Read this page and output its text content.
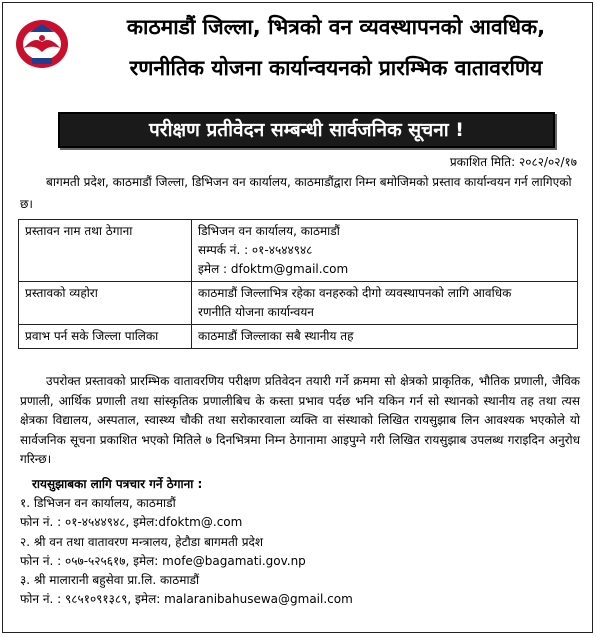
काठमाडौं जिल्ला, भित्रको वन व्यवस्थापनको आवधिक,
रणनीतिक योजना कार्यान्वयनको प्रारम्भिक वातावरणिय
परीक्षण प्रतीवेदन सम्बन्धी सार्वजनिक सूचना !
प्रकाशित मिति: २०८२/०२/१७
बागमती प्रदेश, काठमाडौं जिल्ला, डिभिजन वन कार्यालय, काठमाडौंद्वारा निम्न बमोजिमको प्रस्ताव कार्यान्वयन गर्न लागिएको छ।
प्रस्तावन नाम तथा ठेगाना	डिभिजन वन कार्यालय, काठमाडौं
सम्पर्क नं. : ०१-४५४४९४८
इमेल : dfoktm@gmail.com

प्रस्तावको व्यहोरा	काठमाडौं जिल्लाभित्र रहेका वनहरुको दीगो व्यवस्थापनको लागि आवधिक
रणनीति योजना कार्यान्वयन

प्रवाभ पर्न सके जिल्ला पालिका	काठमाडौं जिल्लाका सबै स्थानीय तह
उपरोक्त प्रस्तावको प्रारम्भिक वातावरणिय परीक्षण प्रतिवेदन तयारी गर्ने क्रममा सो क्षेत्रको प्राकृतिक, भौतिक प्रणाली, जैविक प्रणाली, आर्थिक प्रणाली तथा सांस्कृतिक प्रणालीबिच के कस्ता प्रभाव पर्दछ भनि यकिन गर्न सो स्थानको स्थानीय तह तथा त्यस क्षेत्रका विद्यालय, अस्पताल, स्वास्थ्य चौकी तथा सरोकारवाला व्यक्ति वा संस्थाको लिखित रायसुझाब लिन आवश्यक भएकोले यो सार्वजनिक सूचना प्रकाशित भएको मितिले ७ दिनभित्रमा निम्न ठेगानामा आइपुग्ने गरी लिखित रायसुझाब उपलब्ध गराइदिन अनुरोध गरिन्छ।
रायसुझाबका लागि पत्रचार गर्ने ठेगाना :
१. डिभिजन वन कार्यालय, काठमाडौं
फोन नं. : ०१-४५४४९४८, इमेल:dfoktm@.com
२. श्री वन तथा वातावरण मन्त्रालय, हेटौडा बागमती प्रदेश
फोन नं. : ०५७-५२५६१७, इमेल: mofe@bagamati.gov.np
३. श्री मालारानी बहुसेवा प्रा.लि. काठमाडौं
फोन नं. : ९८५१०९१३८९, इमेल: malaranibahusewa@gmail.com
